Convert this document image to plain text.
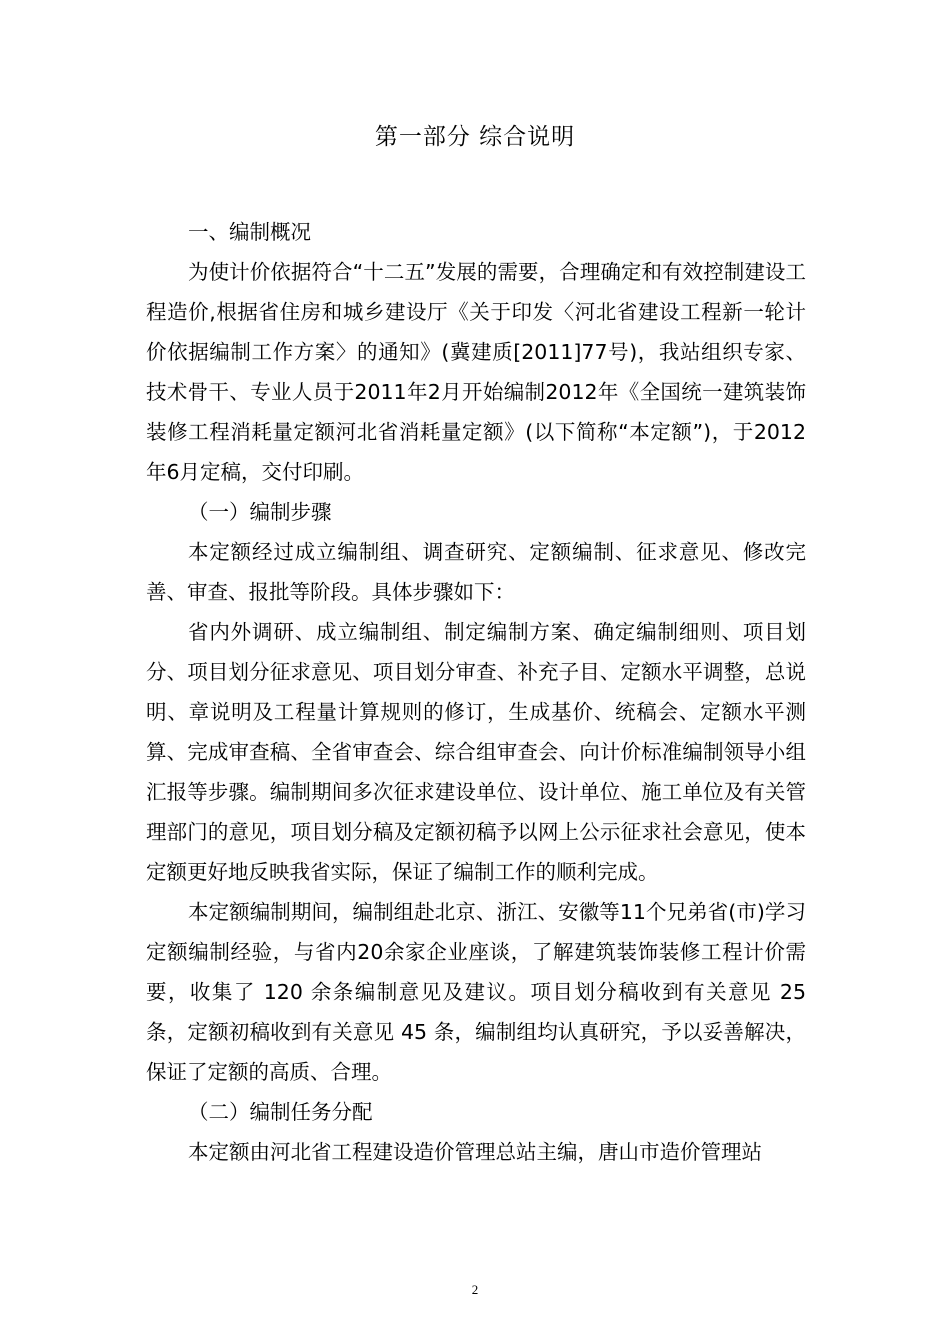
第一部分 综合说明

一、编制概况

为使计价依据符合“十二五”发展的需要，合理确定和有效控制建设工程造价,根据省住房和城乡建设厅《关于印发〈河北省建设工程新一轮计价依据编制工作方案〉的通知》(冀建质[2011]77号)，我站组织专家、技术骨干、专业人员于2011年2月开始编制2012年《全国统一建筑装饰装修工程消耗量定额河北省消耗量定额》(以下简称“本定额”)，于2012年6月定稿，交付印刷。

（一）编制步骤

本定额经过成立编制组、调查研究、定额编制、征求意见、修改完善、审查、报批等阶段。具体步骤如下：

省内外调研、成立编制组、制定编制方案、确定编制细则、项目划分、项目划分征求意见、项目划分审查、补充子目、定额水平调整，总说明、章说明及工程量计算规则的修订，生成基价、统稿会、定额水平测算、完成审查稿、全省审查会、综合组审查会、向计价标准编制领导小组汇报等步骤。编制期间多次征求建设单位、设计单位、施工单位及有关管理部门的意见，项目划分稿及定额初稿予以网上公示征求社会意见，使本定额更好地反映我省实际，保证了编制工作的顺利完成。

本定额编制期间，编制组赴北京、浙江、安徽等11个兄弟省(市)学习定额编制经验，与省内20余家企业座谈，了解建筑装饰装修工程计价需要，收集了 120 余条编制意见及建议。项目划分稿收到有关意见 25 条，定额初稿收到有关意见 45 条，编制组均认真研究，予以妥善解决，保证了定额的高质、合理。

（二）编制任务分配

本定额由河北省工程建设造价管理总站主编，唐山市造价管理站

2
